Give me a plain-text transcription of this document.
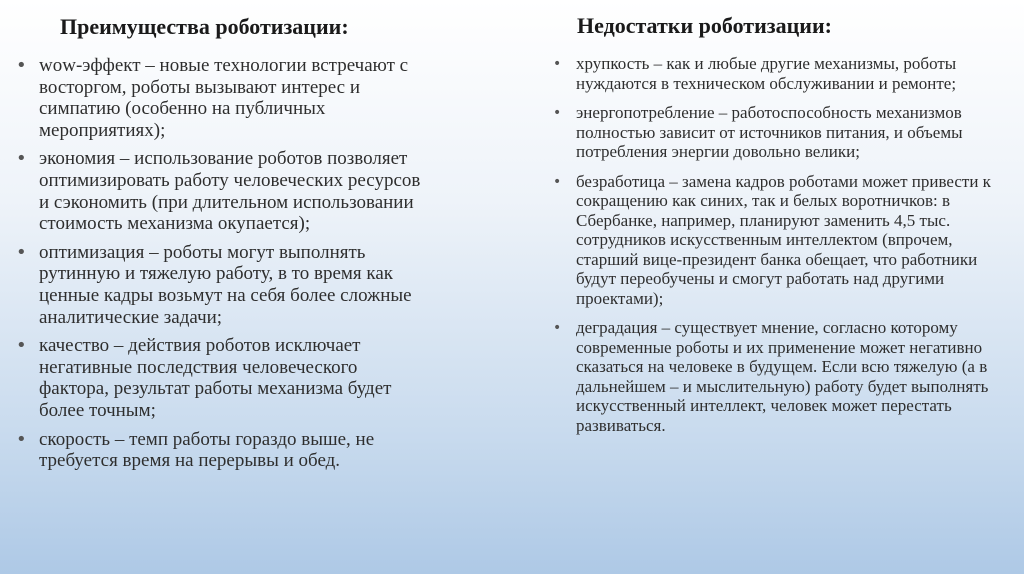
Преимущества роботизации:
• wow-эффект – новые технологии встречают с восторгом, роботы вызывают интерес и симпатию (особенно на публичных мероприятиях);
• экономия – использование роботов позволяет оптимизировать работу человеческих ресурсов и сэкономить (при длительном использовании стоимость механизма окупается);
• оптимизация – роботы могут выполнять рутинную и тяжелую работу, в то время как ценные кадры возьмут на себя более сложные аналитические задачи;
• качество – действия роботов исключает негативные последствия человеческого фактора, результат работы механизма будет более точным;
• скорость – темп работы гораздо выше, не требуется время на перерывы и обед.
Недостатки роботизации:
• хрупкость – как и любые другие механизмы, роботы нуждаются в техническом обслуживании и ремонте;
• энергопотребление – работоспособность механизмов полностью зависит от источников питания, и объемы потребления энергии довольно велики;
• безработица – замена кадров роботами может привести к сокращению как синих, так и белых воротничков: в Сбербанке, например, планируют заменить 4,5 тыс. сотрудников искусственным интеллектом (впрочем, старший вице-президент банка обещает, что работники будут переобучены и смогут работать над другими проектами);
• деградация – существует мнение, согласно которому современные роботы и их применение может негативно сказаться на человеке в будущем. Если всю тяжелую (а в дальнейшем – и мыслительную) работу будет выполнять искусственный интеллект, человек может перестать развиваться.
